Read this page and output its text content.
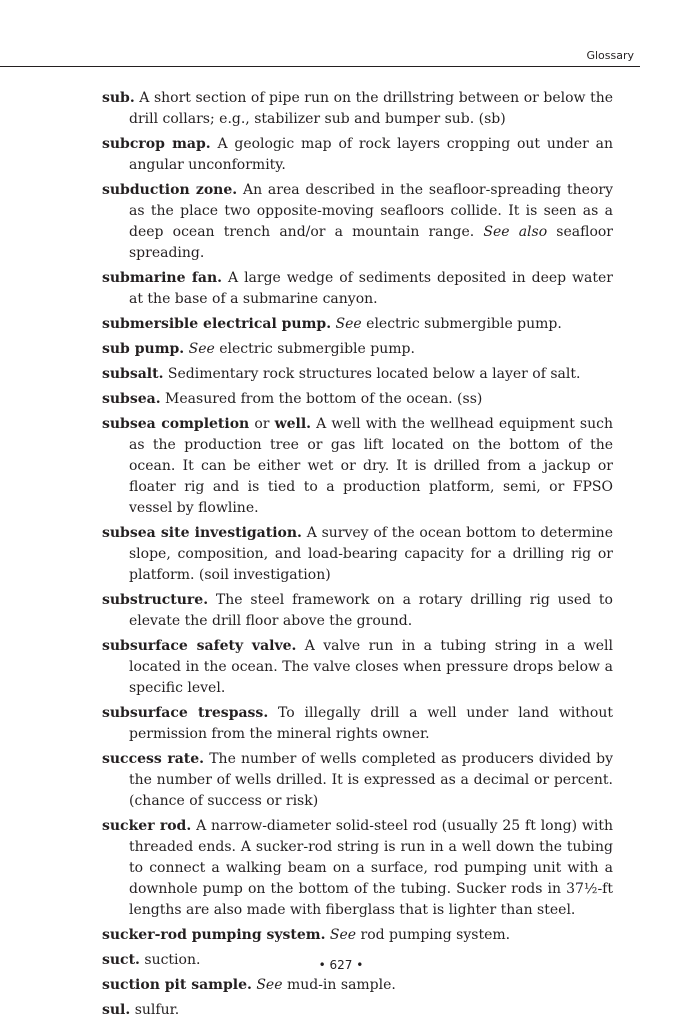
Glossary

sub. A short section of pipe run on the drillstring between or below the drill collars; e.g., stabilizer sub and bumper sub. (sb)

subcrop map. A geologic map of rock layers cropping out under an angular unconformity.

subduction zone. An area described in the seafloor-spreading theory as the place two opposite-moving seafloors collide. It is seen as a deep ocean trench and/or a mountain range. See also seafloor spreading.

submarine fan. A large wedge of sediments deposited in deep water at the base of a submarine canyon.

submersible electrical pump. See electric submergible pump.

sub pump. See electric submergible pump.

subsalt. Sedimentary rock structures located below a layer of salt.

subsea. Measured from the bottom of the ocean. (ss)

subsea completion or well. A well with the wellhead equipment such as the production tree or gas lift located on the bottom of the ocean. It can be either wet or dry. It is drilled from a jackup or floater rig and is tied to a production platform, semi, or FPSO vessel by flowline.

subsea site investigation. A survey of the ocean bottom to determine slope, composition, and load-bearing capacity for a drilling rig or platform. (soil investigation)

substructure. The steel framework on a rotary drilling rig used to elevate the drill floor above the ground.

subsurface safety valve. A valve run in a tubing string in a well located in the ocean. The valve closes when pressure drops below a specific level.

subsurface trespass. To illegally drill a well under land without permission from the mineral rights owner.

success rate. The number of wells completed as producers divided by the number of wells drilled. It is expressed as a decimal or percent. (chance of success or risk)

sucker rod. A narrow-diameter solid-steel rod (usually 25 ft long) with threaded ends. A sucker-rod string is run in a well down the tubing to connect a walking beam on a surface, rod pumping unit with a downhole pump on the bottom of the tubing. Sucker rods in 37½-ft lengths are also made with fiberglass that is lighter than steel.

sucker-rod pumping system. See rod pumping system.

suct. suction.

suction pit sample. See mud-in sample.

sul. sulfur.

• 627 •
